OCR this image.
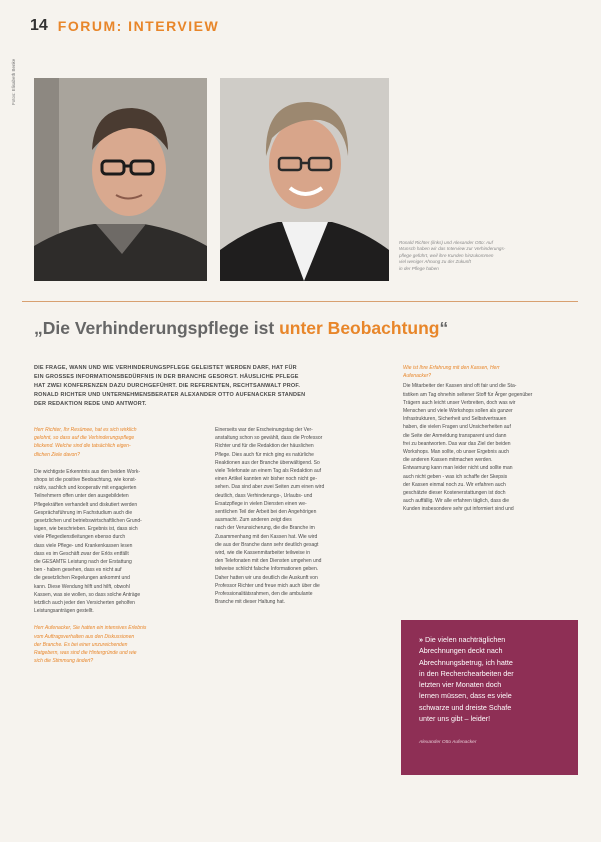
14 FORUM: INTERVIEW
Fotos: Elisabeth Benke
Ronald Richter (links) und Alexander Otto: Auf
Wunsch haben wir das Interview zur Verhinderungs-
pflege geführt, weil ihre Kunden hinzukommen
viel weniger Ahnung zu der Zukunft
in der Pflege haben
„Die Verhinderungspflege ist unter Beobachtung“
DIE FRAGE, WANN UND WIE VERHINDERUNGSPFLEGE GELEISTET WERDEN DARF, HAT FÜR
EIN GROSSES INFORMATIONSBEDÜRFNIS IN DER BRANCHE GESORGT. HÄUSLICHE PFLEGE
HAT ZWEI KONFERENZEN DAZU DURCHGEFÜHRT. DIE REFERENTEN, RECHTSANWALT PROF.
RONALD RICHTER UND UNTERNEHMENSBERATER ALEXANDER OTTO AUFENACKER STANDEN
DER REDAKTION REDE UND ANTWORT.
Herr Richter, Ihr Resümee, hat es sich wirklich
gelohnt, so dass auf die Verhinderungspflege
blickend. Welche sind die tatsächlich eigen-
dlichen Ziele davon?
Die wichtigste Erkenntnis aus den beiden Work-
shops ist die positive Beobachtung, wie konst-
ruktiv, sachlich und kooperativ mit engagierten
Teilnehmern offen unter den ausgebildeten
Pflegekräften verhandelt und diskutiert werden
Gesprächsführung im Fachstudium auch die
gesetzlichen und betriebswirtschaftlichen Grund-
lagen, wie beschrieben. Ergebnis ist, dass sich
viele Pflegedienstleitungen ebenso durch
dass viele Pflege- und Krankenkassen lesen
dass es im Geschäft zwar der Erlös entfällt
die GESAMTE Leistung nach der Erstattung
ben - haben gesehen, dass es nicht auf
die gesetzlichen Regelungen ankommt und
kann. Diese Wendung hilft und hilft, obwohl
Kassen, was sie wollen, so dass solche Anträge
letztlich auch jeder den Versicherten geholfen
Leistungsanträgen gestellt.
Herr Aufenacker, Sie hatten ein intensives Erlebnis
vom Auftragsverhalten aus den Diskussionen
der Branche. Es bei einer unzureichenden
Ratgebern, was sind die Hintergründe und wie
sich die Stimmung ändert?
Einerseits war der Erscheinungstag der Ver-
anstaltung schon so gewählt, dass die Professor
Richter und für die Redaktion der häuslichen
Pflege. Dies auch für mich ging es natürliche
Reaktionen aus der Branche überwältigend. So
viele Telefonate an einem Tag als Redaktion auf
einen Artikel kannten wir bisher noch nicht ge-
sehen. Das sind aber zwei Seiten zum einen wird
deutlich, dass Verhinderungs-, Urlaubs- und
Ersatzpflege in vielen Diensten einen we-
sentlichen Teil der Arbeit bei den Angehörigen
ausmacht. Zum anderen zeigt dies
nach der Verunsicherung, die die Branche im
Zusammenhang mit den Kassen hat. Wie wird
die aus der Branche dann sehr deutlich gesagt
wird, wie die Kassenmitarbeiter teilweise in
den Telefonaten mit den Diensten umgehen und
teilweise schlicht falsche Informationen geben.
Daher hatten wir uns deutlich die Auskunft von
Professor Richter und freue mich auch über die
Professionalitätsrahmen, den die ambulante
Branche mit dieser Haltung hat.
Wie ist Ihre Erfahrung mit den Kassen, Herr
Aufenacker?
Die Mitarbeiter der Kassen sind oft fair und die Sta-
tistiken am Tag ohnehin seltener Stoff für Ärger gegenüber
Trägern auch leicht unser Verbreiten, doch was wir
Menschen und viele Workshops sollen als ganzer
Infrastrukturen, Sicherheit und Selbstvertrauen
haben, die vielen Fragen und Unsicherheiten auf
die Seite der Anmeldung transparent und dann
frei zu beantworten. Das war das Ziel der beiden
Workshops. Man sollte, ob unser Ergebnis auch
die anderen Kassen mitmachen werden.
Entwarnung kann man leider nicht und sollte man
auch nicht geben - was ich schaffe der Skepsis
der Kassen einmal noch zu. Wir erfahren auch
geschätzte dieser Kostenerstattungen ist doch
auch auffällig. Wir alle erfahren täglich, dass die
Kunden insbesondere sehr gut informiert sind und
» Die vielen nachträglichen
Abrechnungen deckt nach
Abrechnungsbetrug, ich hatte
in den Recherchearbeiten der
letzten vier Monaten doch
lernen müssen, dass es viele
schwarze und dreiste Schafe
unter uns gibt – leider!
Alexander Otto Aufenacker
